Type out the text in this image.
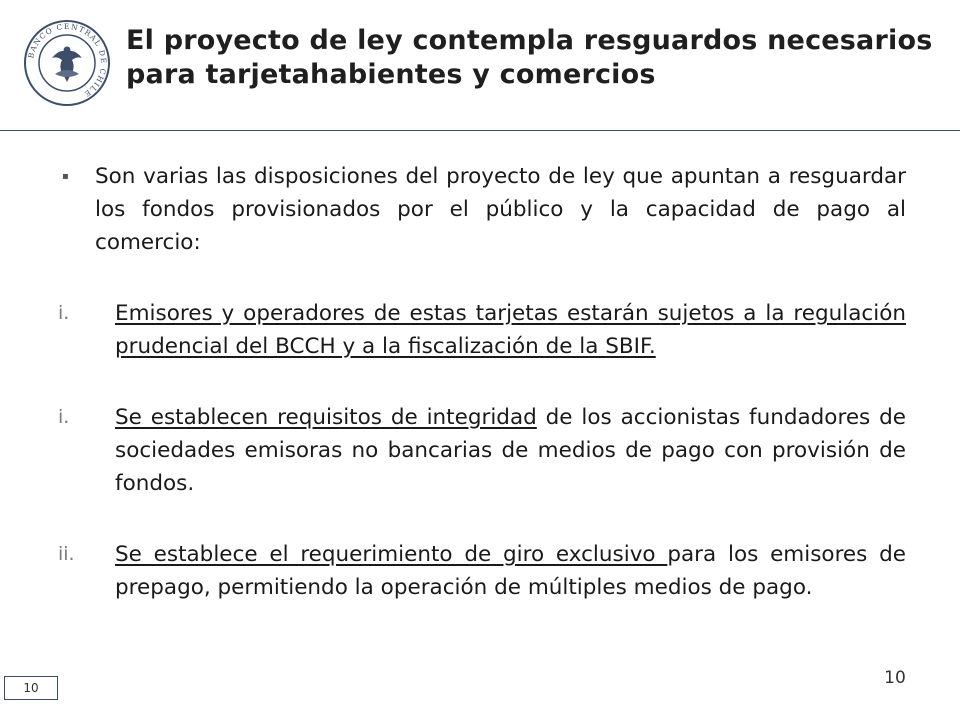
BANCO CENTRAL DE CHILE
El proyecto de ley contempla resguardos necesarios para tarjetahabientes y comercios
▪	Son varias las disposiciones del proyecto de ley que apuntan a resguardar los fondos provisionados por el público y la capacidad de pago al comercio:
i.	Emisores y operadores de estas tarjetas estarán sujetos a la regulación prudencial del BCCH y a la fiscalización de la SBIF.
i.	Se establecen requisitos de integridad de los accionistas fundadores de sociedades emisoras no bancarias de medios de pago con provisión de fondos.
ii.	Se establece el requerimiento de giro exclusivo para los emisores de prepago, permitiendo la operación de múltiples medios de pago.
10	10
